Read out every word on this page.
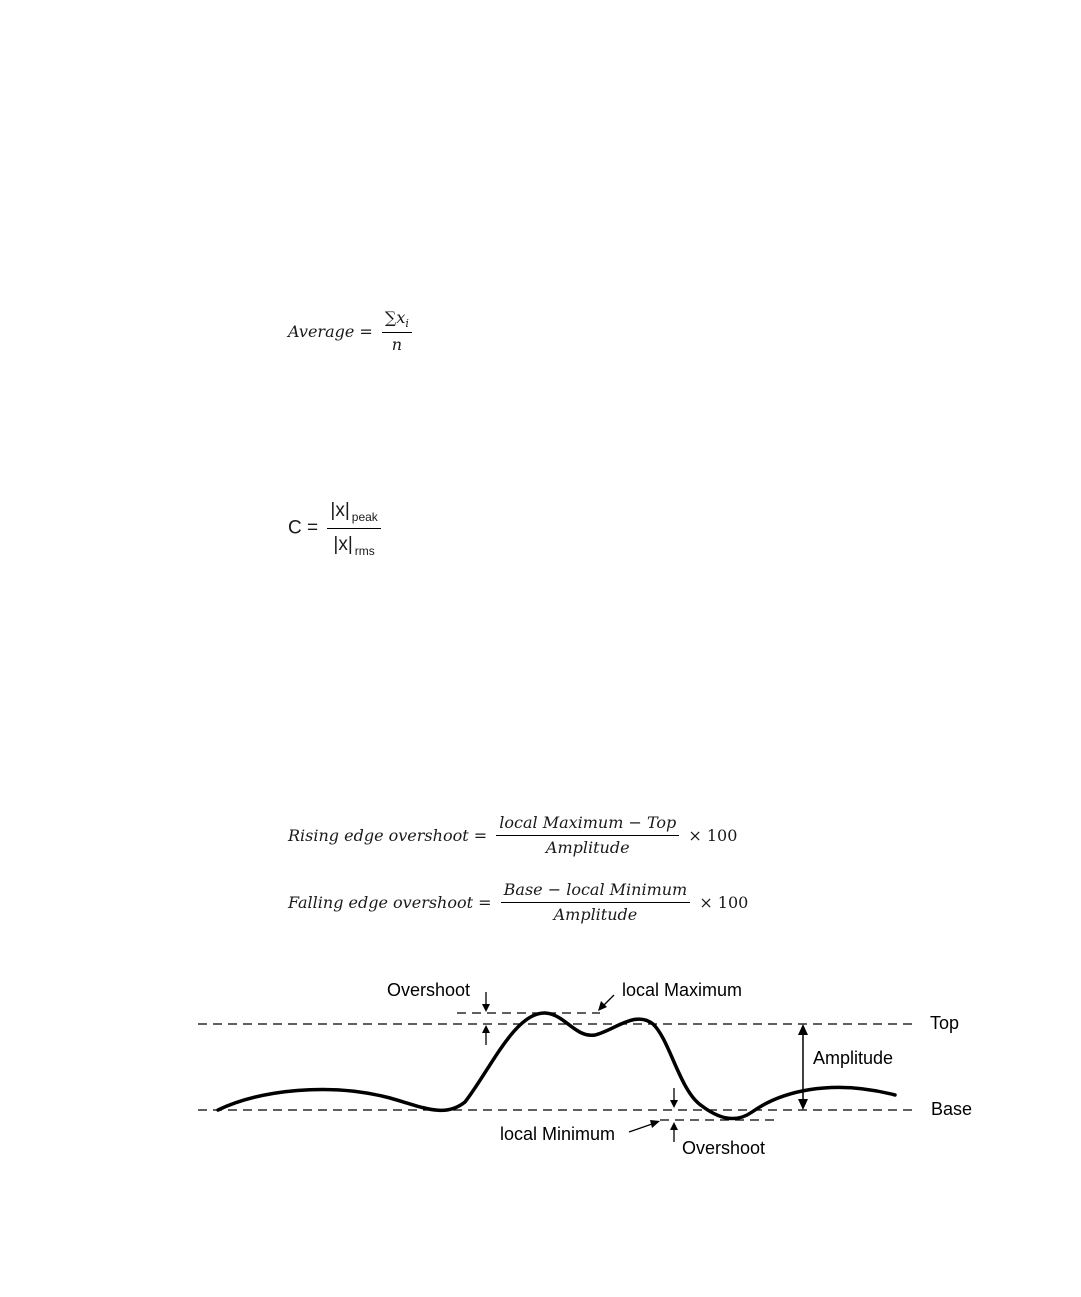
Average = $\frac{\sum x_i}{n}$
$C = \frac{|x| _{peak}}{|x| _{rms}}$
Rising edge overshoot = $\frac{\text{local Maximum − Top}}{\text{Amplitude}} \times 100$
Falling edge overshoot = $\frac{\text{Base − local Minimum}}{\text{Amplitude}} \times 100$
Overshoot	local Maximum
Top
Amplitude
Base
local Minimum
Overshoot
